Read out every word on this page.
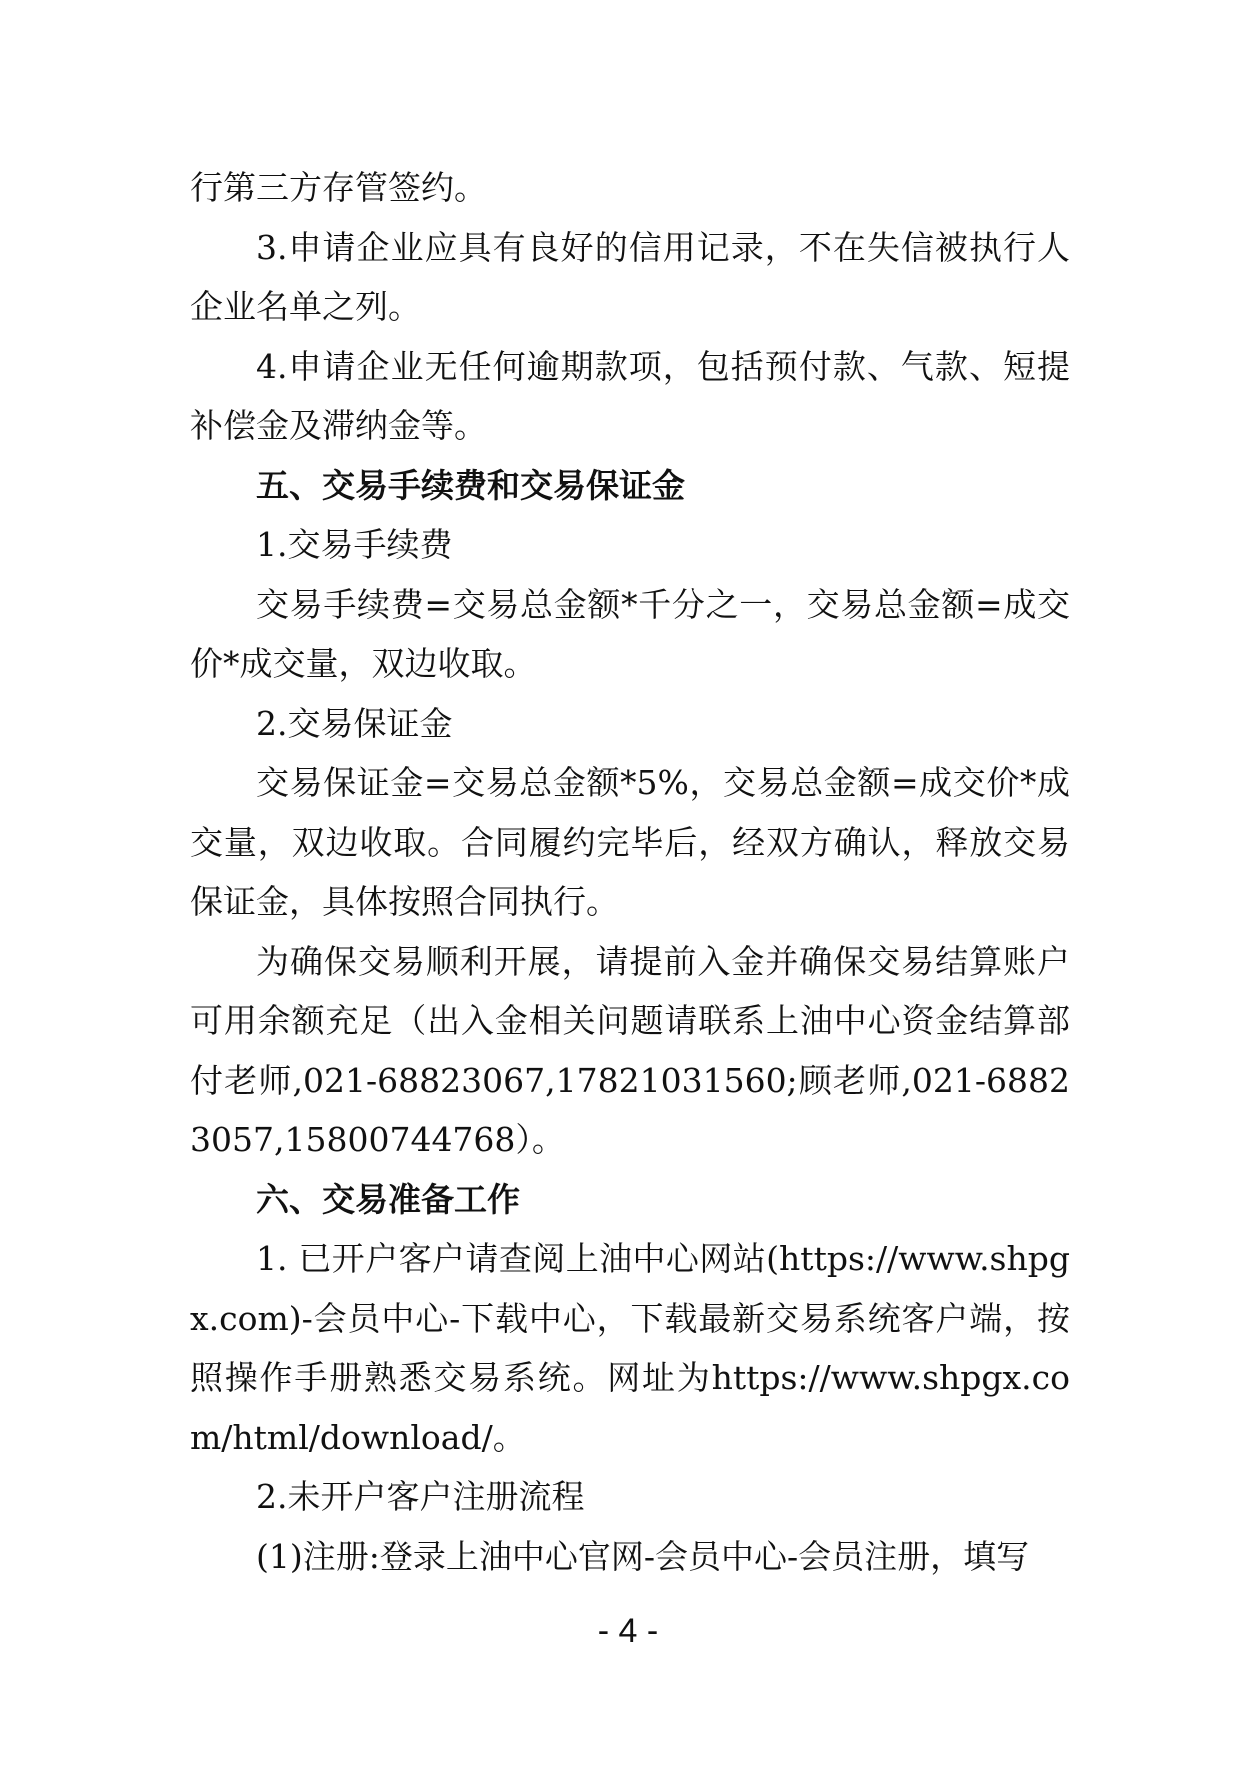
行第三方存管签约。

3.申请企业应具有良好的信用记录，不在失信被执行人企业名单之列。

4.申请企业无任何逾期款项，包括预付款、气款、短提补偿金及滞纳金等。

五、交易手续费和交易保证金

1.交易手续费

交易手续费=交易总金额*千分之一，交易总金额=成交价*成交量，双边收取。

2.交易保证金

交易保证金=交易总金额*5%，交易总金额=成交价*成交量，双边收取。合同履约完毕后，经双方确认，释放交易保证金，具体按照合同执行。

为确保交易顺利开展，请提前入金并确保交易结算账户可用余额充足（出入金相关问题请联系上油中心资金结算部付老师,021-68823067,17821031560;顾老师,021-68823057,15800744768）。

六、交易准备工作

1. 已开户客户请查阅上油中心网站(https://www.shpgx.com)-会员中心-下载中心，下载最新交易系统客户端，按照操作手册熟悉交易系统。网址为https://www.shpgx.com/html/download/。

2.未开户客户注册流程

(1)注册:登录上油中心官网-会员中心-会员注册，填写

- 4 -
